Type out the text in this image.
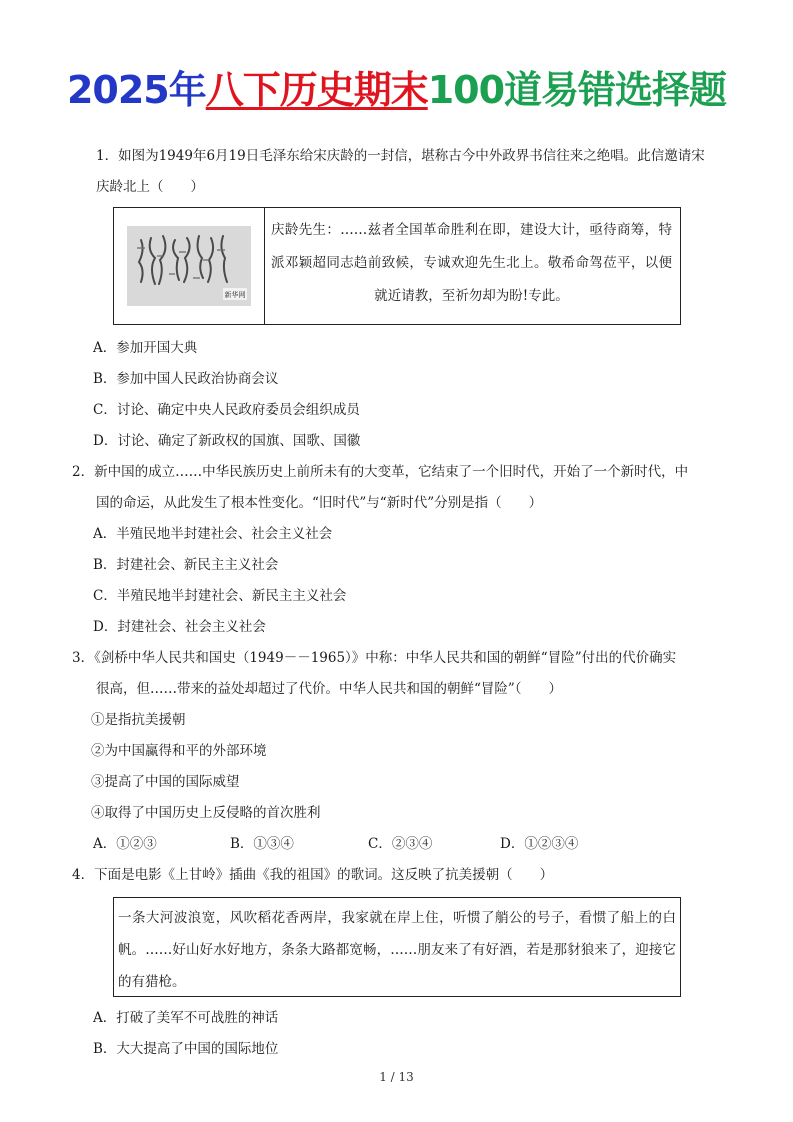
2025年八下历史期末100道易错选择题
1．如图为1949年6月19日毛泽东给宋庆龄的一封信，堪称古今中外政界书信往来之绝唱。此信邀请宋
庆龄北上（　　）
新华网
庆龄先生：……兹者全国革命胜利在即，建设大计，亟待商筹，特派邓颖超同志趋前致候，专诚欢迎先生北上。敬希命驾莅平，以便就近请教，至祈勿却为盼!专此。
A．参加开国大典
B．参加中国人民政治协商会议
C．讨论、确定中央人民政府委员会组织成员
D．讨论、确定了新政权的国旗、国歌、国徽
2．新中国的成立……中华民族历史上前所未有的大变革，它结束了一个旧时代，开始了一个新时代，中
国的命运，从此发生了根本性变化。“旧时代”与“新时代”分别是指（　　）
A．半殖民地半封建社会、社会主义社会
B．封建社会、新民主主义社会
C．半殖民地半封建社会、新民主主义社会
D．封建社会、社会主义社会
3．《剑桥中华人民共和国史（1949－－1965）》中称：中华人民共和国的朝鲜“冒险”付出的代价确实
很高，但……带来的益处却超过了代价。中华人民共和国的朝鲜“冒险”（　　）
①是指抗美援朝
②为中国赢得和平的外部环境
③提高了中国的国际威望
④取得了中国历史上反侵略的首次胜利
A．①②③	B．①③④	C．②③④	D．①②③④
4．下面是电影《上甘岭》插曲《我的祖国》的歌词。这反映了抗美援朝（　　）
一条大河波浪宽，风吹稻花香两岸，我家就在岸上住，听惯了艄公的号子，看惯了船上的白帆。……好山好水好地方，条条大路都宽畅，……朋友来了有好酒，若是那豺狼来了，迎接它的有猎枪。
A．打破了美军不可战胜的神话
B．大大提高了中国的国际地位
1 / 13
